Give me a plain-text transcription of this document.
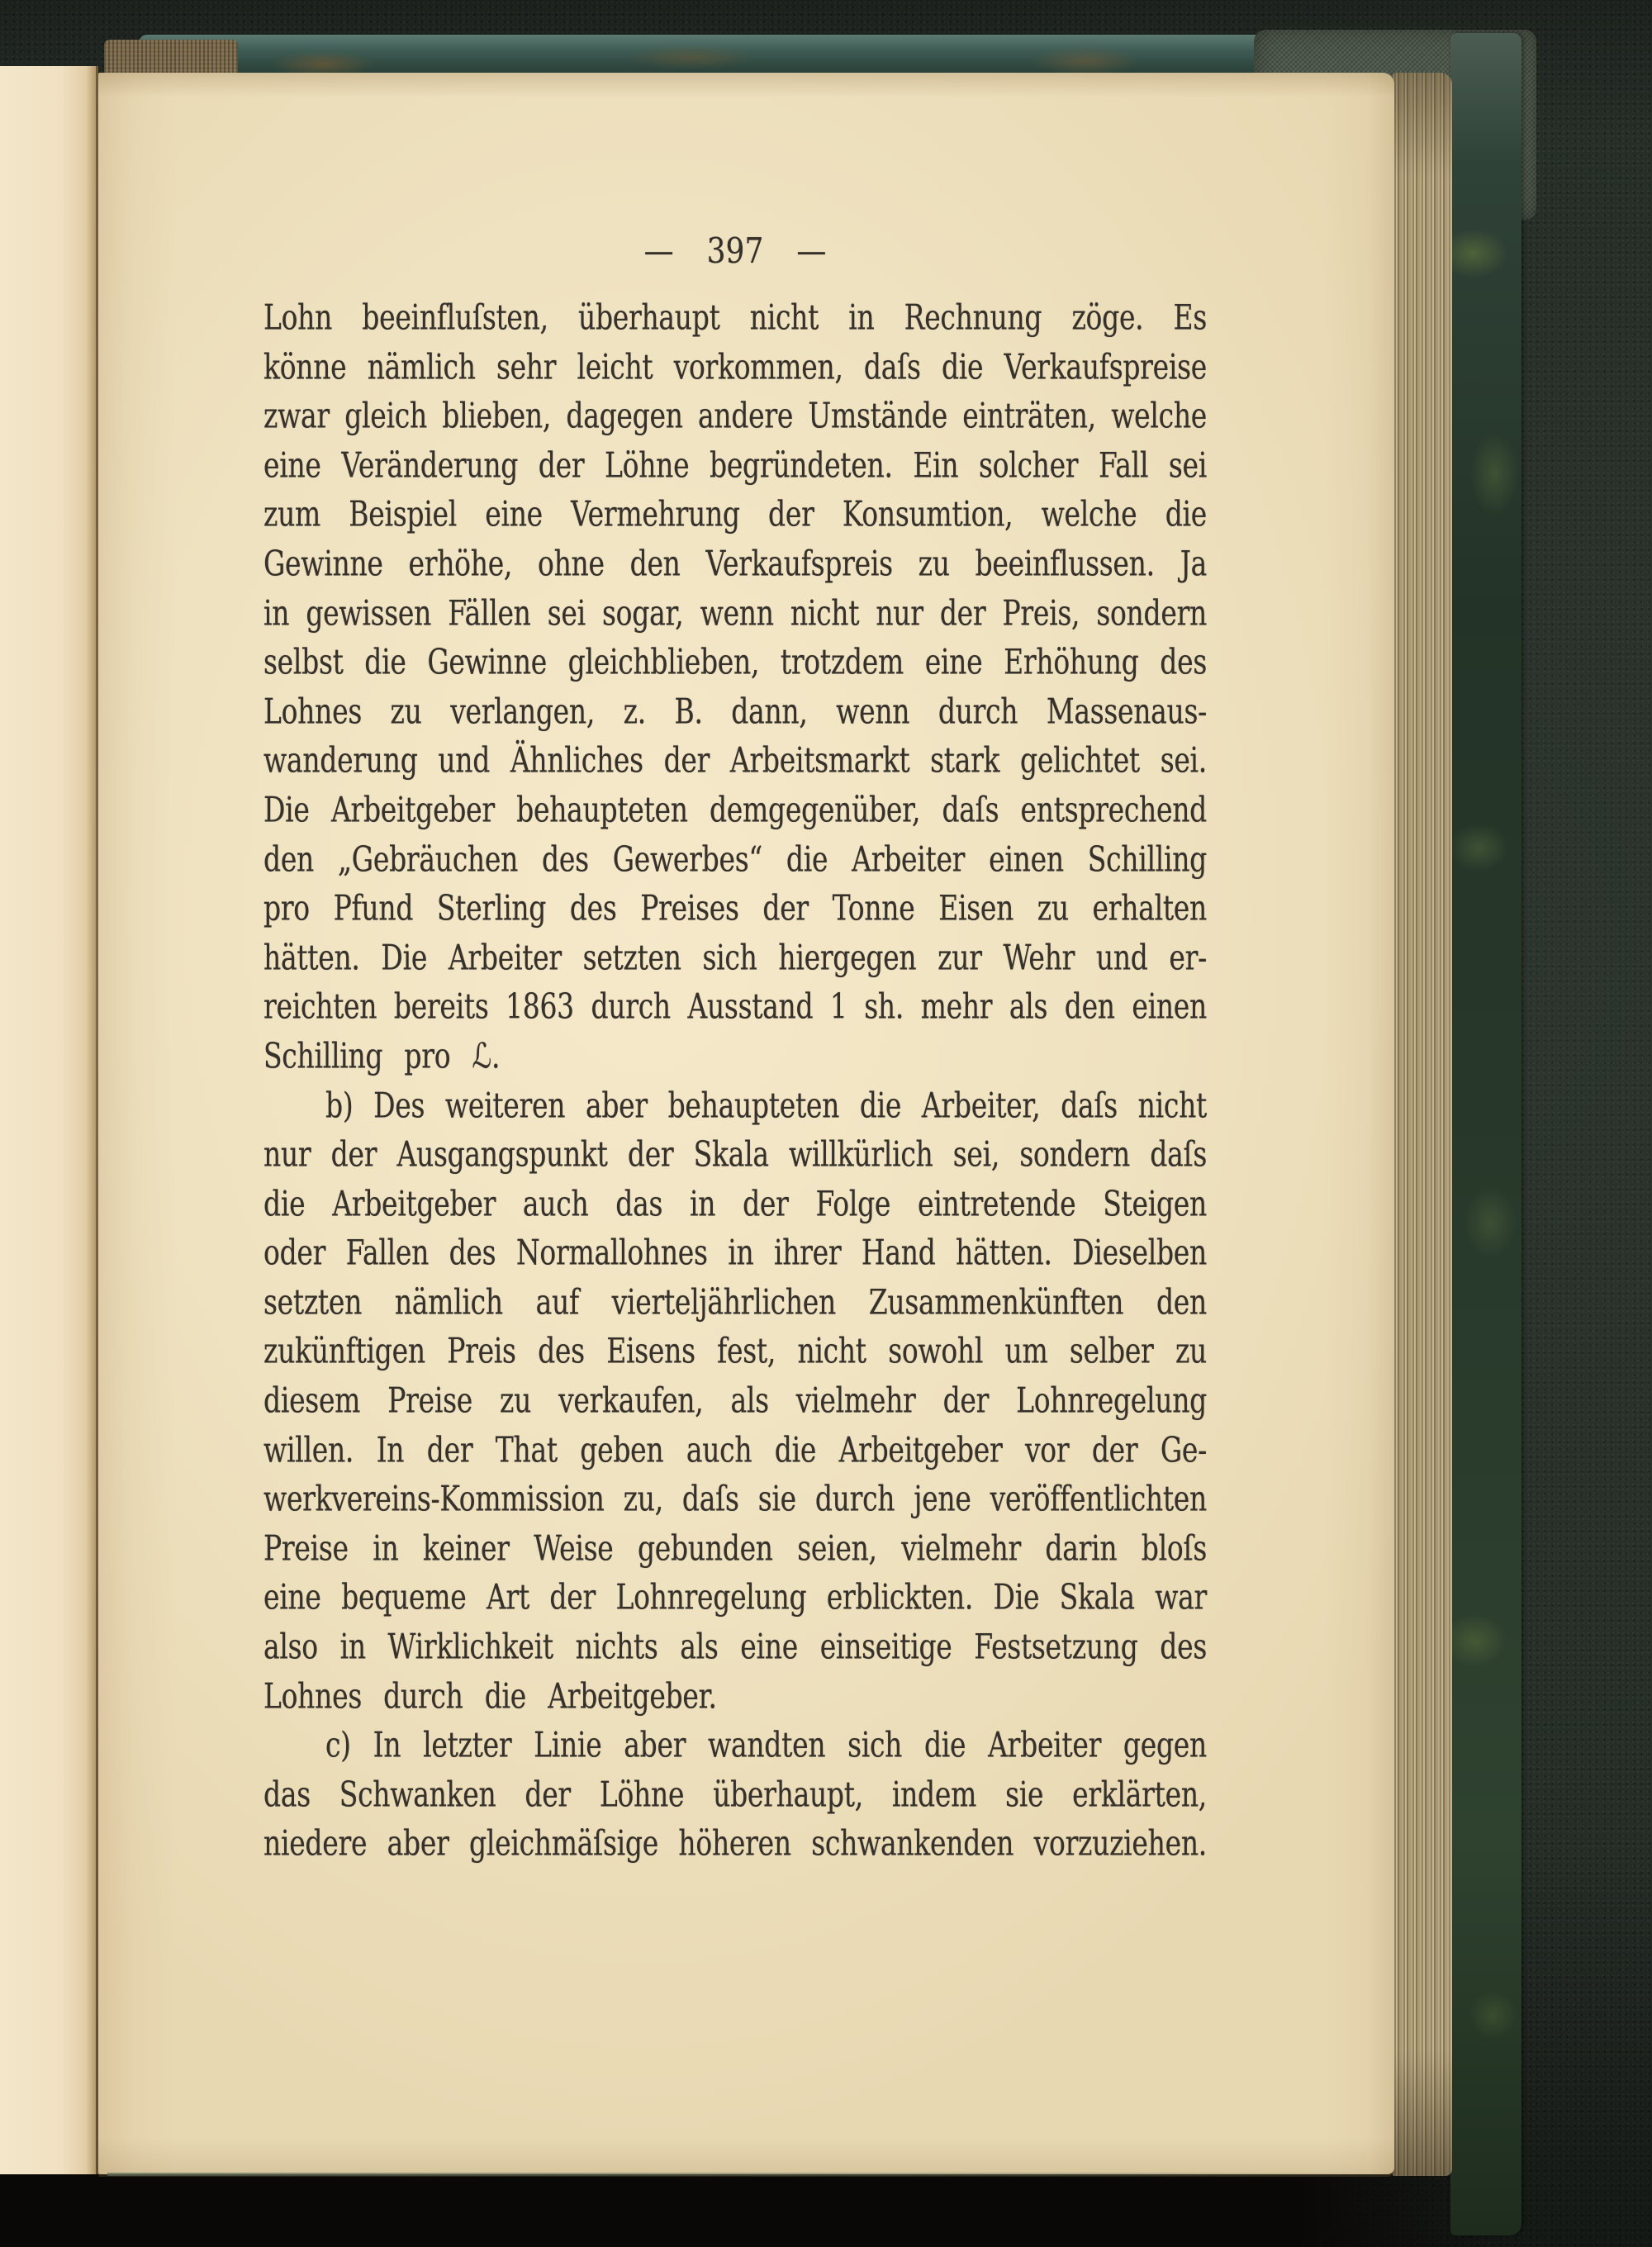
— 397 —
Lohn beeinfluſsten, überhaupt nicht in Rechnung zöge. Es
könne nämlich sehr leicht vorkommen, daſs die Verkaufspreise
zwar gleich blieben, dagegen andere Umstände einträten, welche
eine Veränderung der Löhne begründeten. Ein solcher Fall sei
zum Beispiel eine Vermehrung der Konsumtion, welche die
Gewinne erhöhe, ohne den Verkaufspreis zu beeinflussen. Ja
in gewissen Fällen sei sogar, wenn nicht nur der Preis, sondern
selbst die Gewinne gleichblieben, trotzdem eine Erhöhung des
Lohnes zu verlangen, z. B. dann, wenn durch Massenaus-
wanderung und Ähnliches der Arbeitsmarkt stark gelichtet sei.
Die Arbeitgeber behaupteten demgegenüber, daſs entsprechend
den „Gebräuchen des Gewerbes“ die Arbeiter einen Schilling
pro Pfund Sterling des Preises der Tonne Eisen zu erhalten
hätten. Die Arbeiter setzten sich hiergegen zur Wehr und er-
reichten bereits 1863 durch Ausstand 1 sh. mehr als den einen
Schilling pro ℒ.
b) Des weiteren aber behaupteten die Arbeiter, daſs nicht
nur der Ausgangspunkt der Skala willkürlich sei, sondern daſs
die Arbeitgeber auch das in der Folge eintretende Steigen
oder Fallen des Normallohnes in ihrer Hand hätten. Dieselben
setzten nämlich auf vierteljährlichen Zusammenkünften den
zukünftigen Preis des Eisens fest, nicht sowohl um selber zu
diesem Preise zu verkaufen, als vielmehr der Lohnregelung
willen. In der That geben auch die Arbeitgeber vor der Ge-
werkvereins-Kommission zu, daſs sie durch jene veröffentlichten
Preise in keiner Weise gebunden seien, vielmehr darin bloſs
eine bequeme Art der Lohnregelung erblickten. Die Skala war
also in Wirklichkeit nichts als eine einseitige Festsetzung des
Lohnes durch die Arbeitgeber.
c) In letzter Linie aber wandten sich die Arbeiter gegen
das Schwanken der Löhne überhaupt, indem sie erklärten,
niedere aber gleichmäſsige höheren schwankenden vorzuziehen.
